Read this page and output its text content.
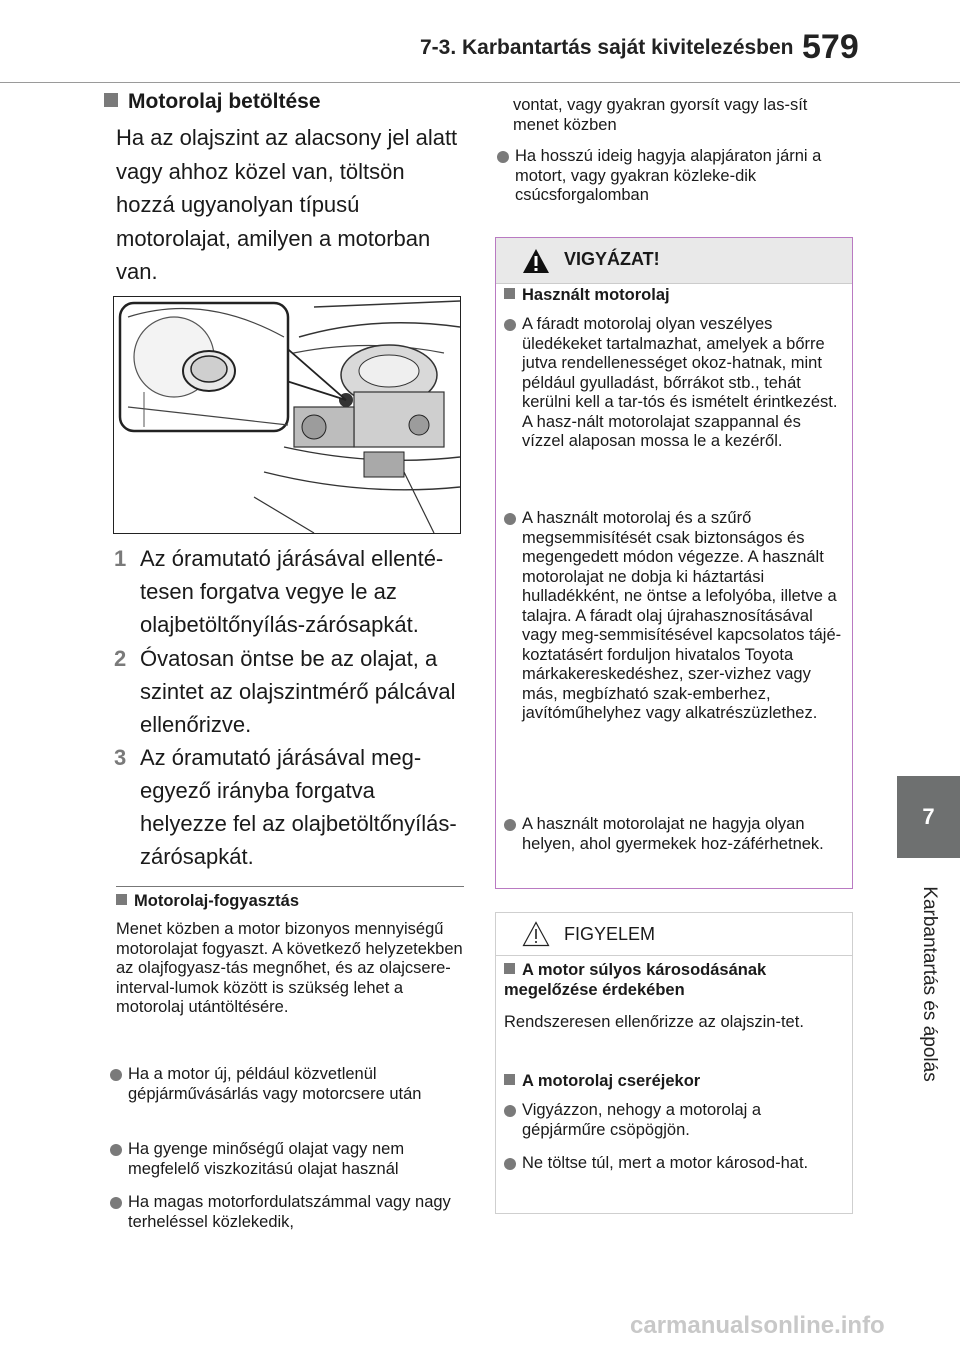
7-3. Karbantartás saját kivitelezésben 579
7
Karbantartás és ápolás
Motorolaj betöltése
Ha az olajszint az alacsony jel alatt vagy ahhoz közel van, töltsön hozzá ugyanolyan típusú motorolajat, amilyen a motorban van.
1 Az óramutató járásával ellenté-tesen forgatva vegye le az olajbetöltőnyílás-zárósapkát.
2 Óvatosan öntse be az olajat, a szintet az olajszintmérő pálcával ellenőrizve.
3 Az óramutató járásával meg-egyező irányba forgatva helyezze fel az olajbetöltőnyílás-zárósapkát.
Motorolaj-fogyasztás
Menet közben a motor bizonyos mennyiségű motorolajat fogyaszt. A következő helyzetekben az olajfogyasz-tás megnőhet, és az olajcsere-interval-lumok között is szükség lehet a motorolaj utántöltésére.
Ha a motor új, például közvetlenül gépjárművásárlás vagy motorcsere után
Ha gyenge minőségű olajat vagy nem megfelelő viszkozitású olajat használ
Ha magas motorfordulatszámmal vagy nagy terheléssel közlekedik,
vontat, vagy gyakran gyorsít vagy las-sít menet közben
Ha hosszú ideig hagyja alapjáraton járni a motort, vagy gyakran közleke-dik csúcsforgalomban
VIGYÁZAT!
Használt motorolaj
A fáradt motorolaj olyan veszélyes üledékeket tartalmazhat, amelyek a bőrre jutva rendellenességet okoz-hatnak, mint például gyulladást, bőrrákot stb., tehát kerülni kell a tar-tós és ismételt érintkezést. A hasz-nált motorolajat szappannal és vízzel alaposan mossa le a kezéről.
A használt motorolaj és a szűrő megsemmisítését csak biztonságos és megengedett módon végezze. A használt motorolajat ne dobja ki háztartási hulladékként, ne öntse a lefolyóba, illetve a talajra. A fáradt olaj újrahasznosításával vagy meg-semmisítésével kapcsolatos tájé-koztatásért forduljon hivatalos Toyota márkakereskedéshez, szer-vizhez vagy más, megbízható szak-emberhez, javítóműhelyhez vagy alkatrészüzlethez.
A használt motorolajat ne hagyja olyan helyen, ahol gyermekek hoz-záférhetnek.
FIGYELEM
A motor súlyos károsodásának megelőzése érdekében
Rendszeresen ellenőrizze az olajszin-tet.
A motorolaj cseréjekor
Vigyázzon, nehogy a motorolaj a gépjárműre csöpögjön.
Ne töltse túl, mert a motor károsod-hat.
carmanualsonline.info
